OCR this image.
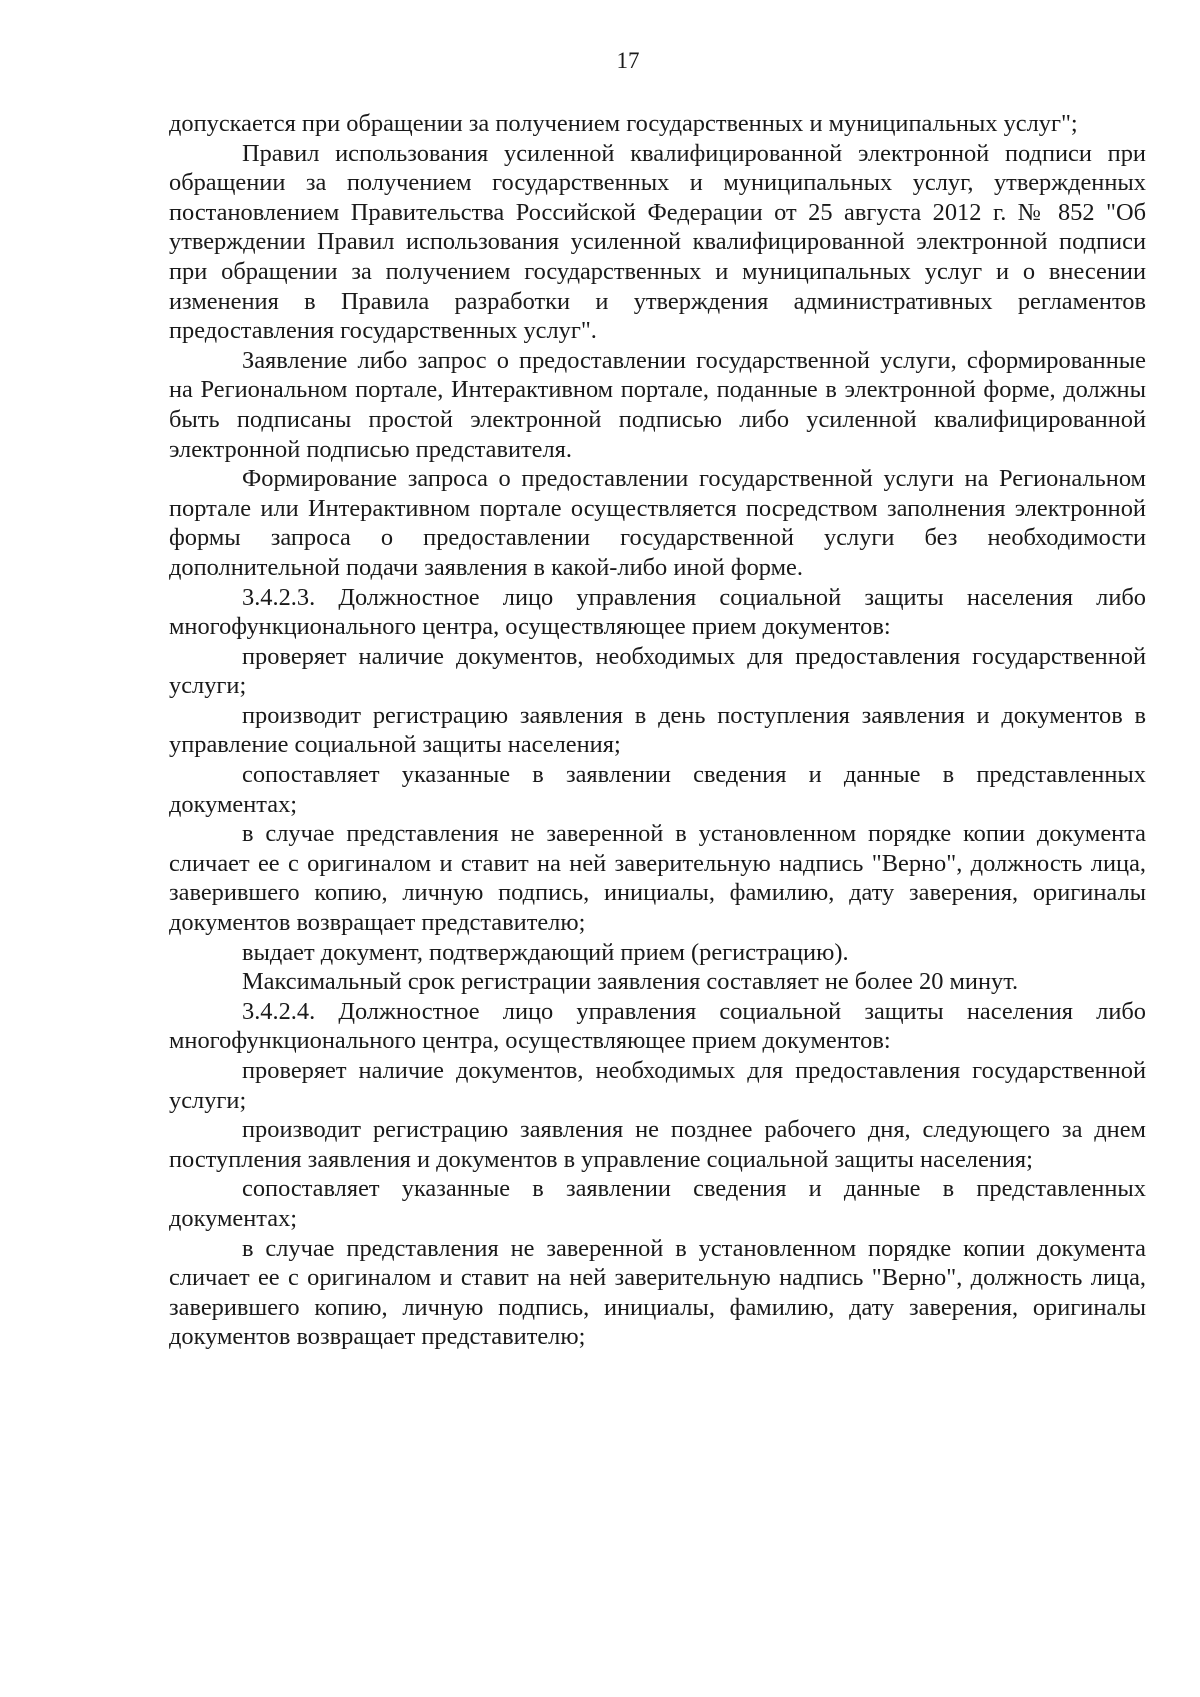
17

допускается при обращении за получением государственных и муниципальных услуг";

Правил использования усиленной квалифицированной электронной подписи при обращении за получением государственных и муниципальных услуг, утвержденных постановлением Правительства Российской Федерации от 25 августа 2012 г. № 852 "Об утверждении Правил использования усиленной квалифицированной электронной подписи при обращении за получением государственных и муниципальных услуг и о внесении изменения в Правила разработки и утверждения административных регламентов предоставления государственных услуг".

Заявление либо запрос о предоставлении государственной услуги, сформированные на Региональном портале, Интерактивном портале, поданные в электронной форме, должны быть подписаны простой электронной подписью либо усиленной квалифицированной электронной подписью представителя.

Формирование запроса о предоставлении государственной услуги на Региональном портале или Интерактивном портале осуществляется посредством заполнения электронной формы запроса о предоставлении государственной услуги без необходимости дополнительной подачи заявления в какой-либо иной форме.

3.4.2.3. Должностное лицо управления социальной защиты населения либо многофункционального центра, осуществляющее прием документов:

проверяет наличие документов, необходимых для предоставления государственной услуги;

производит регистрацию заявления в день поступления заявления и документов в управление социальной защиты населения;

сопоставляет указанные в заявлении сведения и данные в представленных документах;

в случае представления не заверенной в установленном порядке копии документа сличает ее с оригиналом и ставит на ней заверительную надпись "Верно", должность лица, заверившего копию, личную подпись, инициалы, фамилию, дату заверения, оригиналы документов возвращает представителю;

выдает документ, подтверждающий прием (регистрацию).

Максимальный срок регистрации заявления составляет не более 20 минут.

3.4.2.4. Должностное лицо управления социальной защиты населения либо многофункционального центра, осуществляющее прием документов:

проверяет наличие документов, необходимых для предоставления государственной услуги;

производит регистрацию заявления не позднее рабочего дня, следующего за днем поступления заявления и документов в управление социальной защиты населения;

сопоставляет указанные в заявлении сведения и данные в представленных документах;

в случае представления не заверенной в установленном порядке копии документа сличает ее с оригиналом и ставит на ней заверительную надпись "Верно", должность лица, заверившего копию, личную подпись, инициалы, фамилию, дату заверения, оригиналы документов возвращает представителю;
